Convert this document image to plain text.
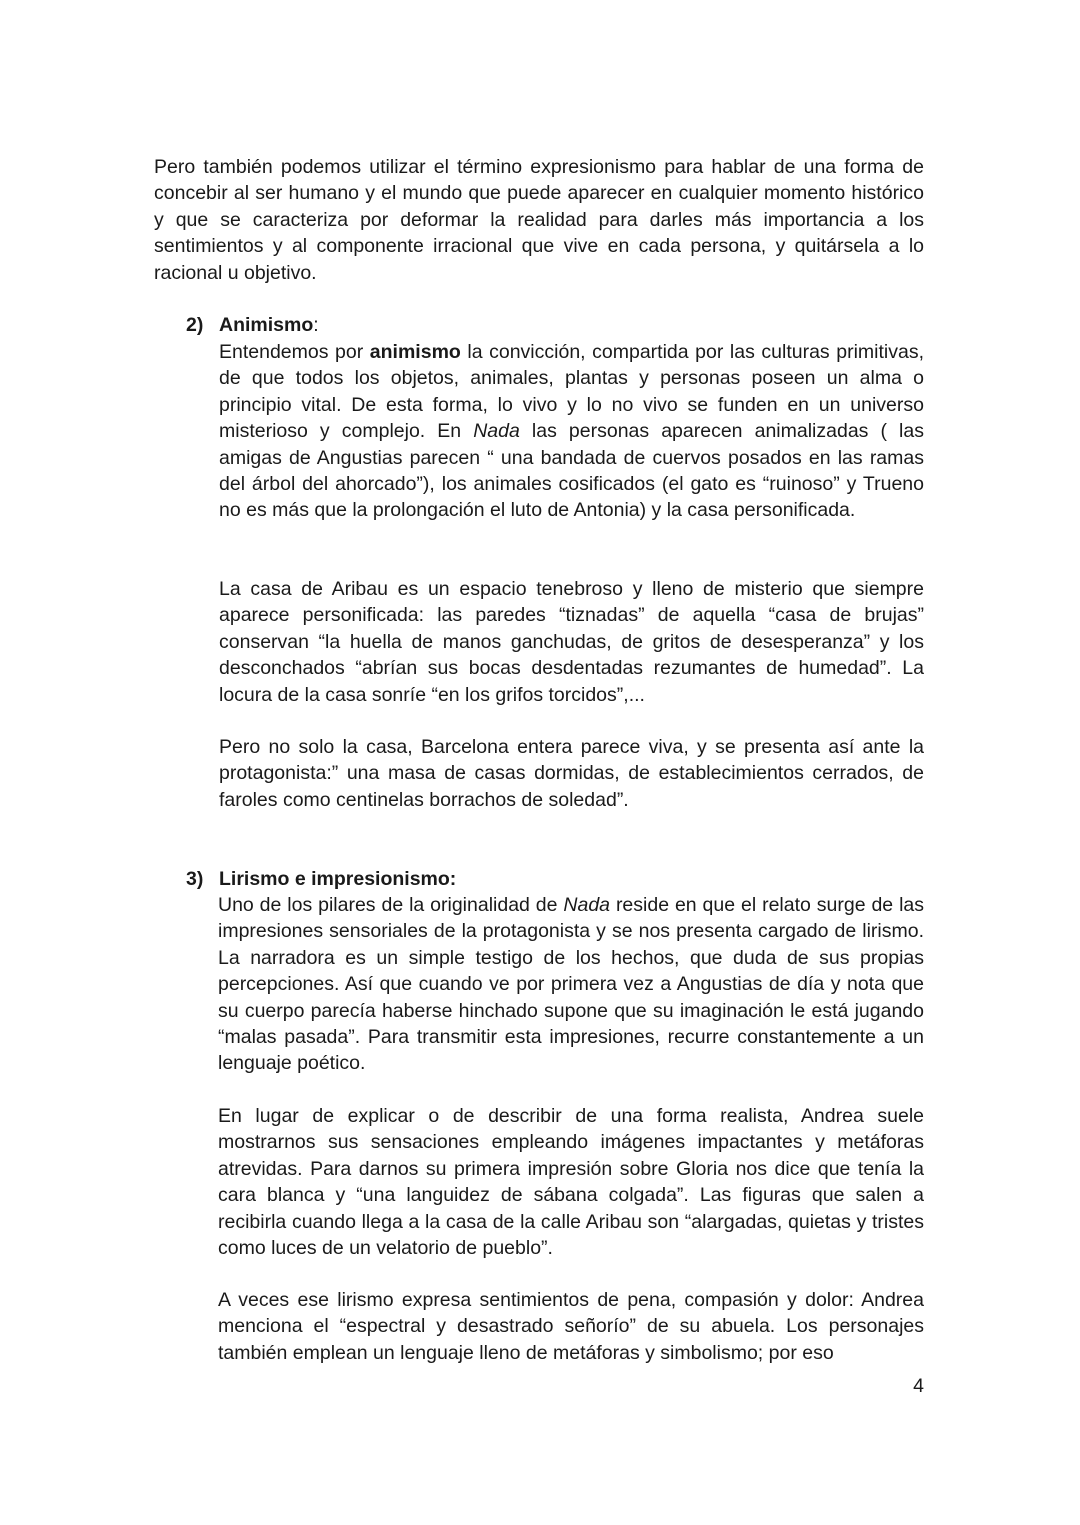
Pero también podemos utilizar el término expresionismo para hablar de una forma de concebir al ser humano y el mundo que puede aparecer en cualquier momento histórico y que se caracteriza por deformar la realidad para darles más importancia a los sentimientos y al componente irracional que vive en cada persona, y quitársela a lo racional u objetivo.

2) Animismo:

Entendemos por animismo la convicción, compartida por las culturas primitivas, de que todos los objetos, animales, plantas y personas poseen un alma o principio vital. De esta forma, lo vivo y lo no vivo se funden en un universo misterioso y complejo. En Nada las personas aparecen animalizadas ( las amigas de Angustias parecen “ una bandada de cuervos posados en las ramas del árbol del ahorcado”), los animales cosificados (el gato es “ruinoso” y Trueno no es más que la prolongación el luto de Antonia) y la casa personificada.

La casa de Aribau es un espacio tenebroso y lleno de misterio que siempre aparece personificada: las paredes “tiznadas” de aquella “casa de brujas” conservan “la huella de manos ganchudas, de gritos de desesperanza” y los desconchados “abrían sus bocas desdentadas rezumantes de humedad”. La locura de la casa sonríe “en los grifos torcidos”,...

Pero no solo la casa, Barcelona entera parece viva, y se presenta así ante la protagonista:” una masa de casas dormidas, de establecimientos cerrados, de faroles como centinelas borrachos de soledad”.

3) Lirismo e impresionismo:

Uno de los pilares de la originalidad de Nada reside en que el relato surge de las impresiones sensoriales de la protagonista y se nos presenta cargado de lirismo. La narradora es un simple testigo de los hechos, que duda de sus propias percepciones. Así que cuando ve por primera vez a Angustias de día y nota que su cuerpo parecía haberse hinchado supone que su imaginación le está jugando “malas pasada”. Para transmitir esta impresiones, recurre constantemente a un lenguaje poético.

En lugar de explicar o de describir de una forma realista, Andrea suele mostrarnos sus sensaciones empleando imágenes impactantes y metáforas atrevidas. Para darnos su primera impresión sobre Gloria nos dice que tenía la cara blanca y “una languidez de sábana colgada”. Las figuras que salen a recibirla cuando llega a la casa de la calle Aribau son “alargadas, quietas y tristes como luces de un velatorio de pueblo”.

A veces ese lirismo expresa sentimientos de pena, compasión y dolor: Andrea menciona el “espectral y desastrado señorío” de su abuela. Los personajes también emplean un lenguaje lleno de metáforas y simbolismo; por eso

4
